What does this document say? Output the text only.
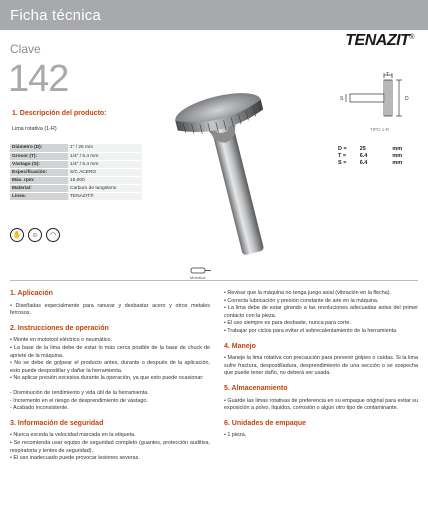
Ficha técnica
TENAZIT®
Clave
142
1. Descripción del producto:
Lima rotativa (1-R)
Diámetro (D):	1" / 25 mm
Grosor (T):	1/4" / 6.4 mm
Vástago (S):	1/4" / 6.4 mm
Especificación:	S/C ACERO
Máx. rpm:	15,000
Material:	Carburo de tungsteno
Línea:	TENAZIT®
✋	☺	◠
T
S	D
TIPO 1-R
D =	25	mm
T =	6.4	mm
S =	6.4	mm
Mototool
1. Aplicación

• Diseñadas especialmente para ranurar y desbastar acero y otros metales ferrosos.

2. Instrucciones de operación

• Monte en mototool eléctrico o neumático.

• La base de la lima debe de estar lo más cerca posible de la base de chuck de apriete de la máquina.

• No se debe de golpear el producto antes, durante o después de la aplicación, esto puede despostillar y dañar la herramienta.

• No aplicar presión excesiva durante la operación, ya que esto puede ocasionar:

- Disminución de rendimiento y vida útil de la herramienta.

- Incremento en el riesgo de desprendimiento de vástago.

- Acabado inconsistente.

3. Información de seguridad

• Nunca exceda la velocidad marcada en la etiqueta.

• Se recomienda usar equipo de seguridad completo (guantes, protección auditiva, respiratoria y lentes de seguridad).

• El uso inadecuado puede provocar lesiones severas.

• Revisar que la máquina no tenga juego axial (vibración en la flecha).

• Correcta lubricación y presión constante de aire en la máquina.

• La lima debe de estar girando a las revoluciones adecuadas antes del primer contacto con la pieza.

• El uso siempre es para desbaste, nunca para corte.

• Trabajar por ciclos para evitar el sobrecalentamiento de la herramienta.

4. Manejo

• Maneje la lima rotativa con precaución para prevenir golpes o caídas. Si la lima sufre fractura, despostilladura, desprendimiento de una sección o se sospecha que puede tener daño, no deberá ser usada.

5. Almacenamiento

• Guarde las limas rotativas de preferencia en su empaque original para evitar su exposición a polvo, líquidos, corrosión o algún otro tipo de contaminante.

6. Unidades de empaque

• 1 pieza.
